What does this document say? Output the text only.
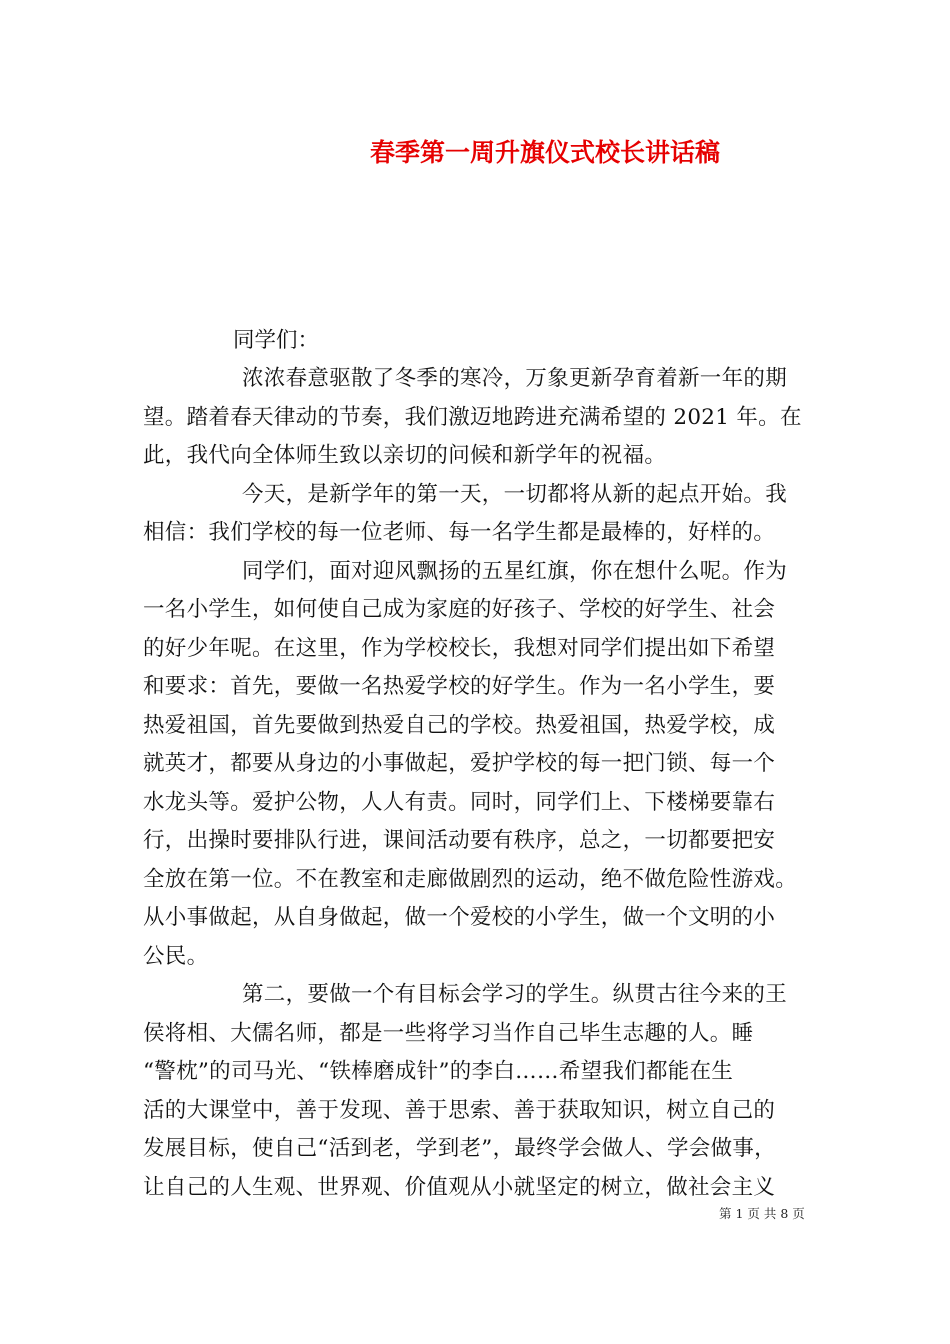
春季第一周升旗仪式校长讲话稿

同学们：

浓浓春意驱散了冬季的寒冷，万象更新孕育着新一年的期

望。踏着春天律动的节奏，我们激迈地跨进充满希望的 2021 年。在

此，我代向全体师生致以亲切的问候和新学年的祝福。

今天，是新学年的第一天，一切都将从新的起点开始。我

相信：我们学校的每一位老师、每一名学生都是最棒的，好样的。

同学们，面对迎风飘扬的五星红旗，你在想什么呢。作为

一名小学生，如何使自己成为家庭的好孩子、学校的好学生、社会

的好少年呢。在这里，作为学校校长，我想对同学们提出如下希望

和要求：首先，要做一名热爱学校的好学生。作为一名小学生，要

热爱祖国，首先要做到热爱自己的学校。热爱祖国，热爱学校，成

就英才，都要从身边的小事做起，爱护学校的每一把门锁、每一个

水龙头等。爱护公物，人人有责。同时，同学们上、下楼梯要靠右

行，出操时要排队行进，课间活动要有秩序，总之，一切都要把安

全放在第一位。不在教室和走廊做剧烈的运动，绝不做危险性游戏。

从小事做起，从自身做起，做一个爱校的小学生，做一个文明的小

公民。

第二，要做一个有目标会学习的学生。纵贯古往今来的王

侯将相、大儒名师，都是一些将学习当作自己毕生志趣的人。睡

“警枕”的司马光、“铁棒磨成针”的李白……希望我们都能在生

活的大课堂中，善于发现、善于思索、善于获取知识，树立自己的

发展目标，使自己“活到老，学到老”，最终学会做人、学会做事，

让自己的人生观、世界观、价值观从小就坚定的树立，做社会主义

第 1 页 共 8 页
